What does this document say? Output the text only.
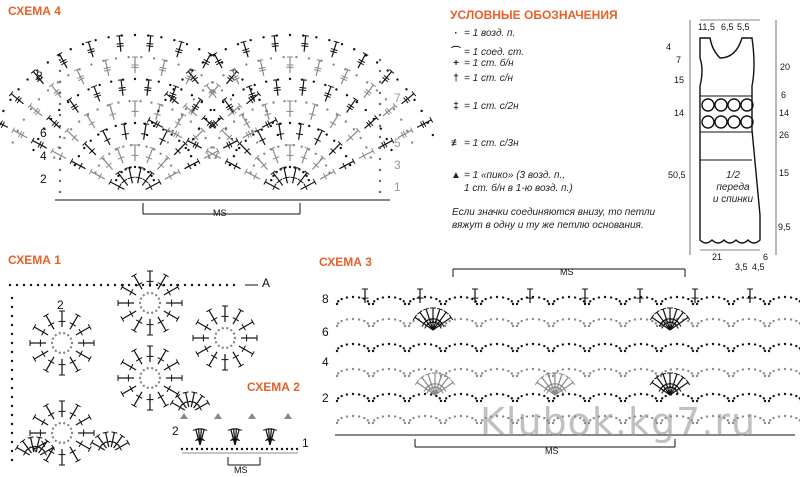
СХЕМА 4
СХЕМА 1
СХЕМА 2
СХЕМА 3
8
6
4
2
7
5
3
1
MS
УСЛОВНЫЕ ОБОЗНАЧЕНИЯ
· = 1 возд. п.
⌒ = 1 соед. ст.
+ = 1 ст. б/н
† = 1 ст. с/н
‡ = 1 ст. с/2н
≢ = 1 ст. с/3н
▲ = 1 «пико» (3 возд. п.,
1 ст. б/н в 1-ю возд. п.)
Если значки соединяются внизу, то петли
вяжут в одну и ту же петлю основания.
11,5 6,5 5,5
4
7
15
14
50,5
20
6
14
26
15
9,5
21
3,5 4,5
6
1/2
переда
и спинки
A
2
2
1
MS
8
6
4
2
MS
MS
Klubok.kg7.ru
